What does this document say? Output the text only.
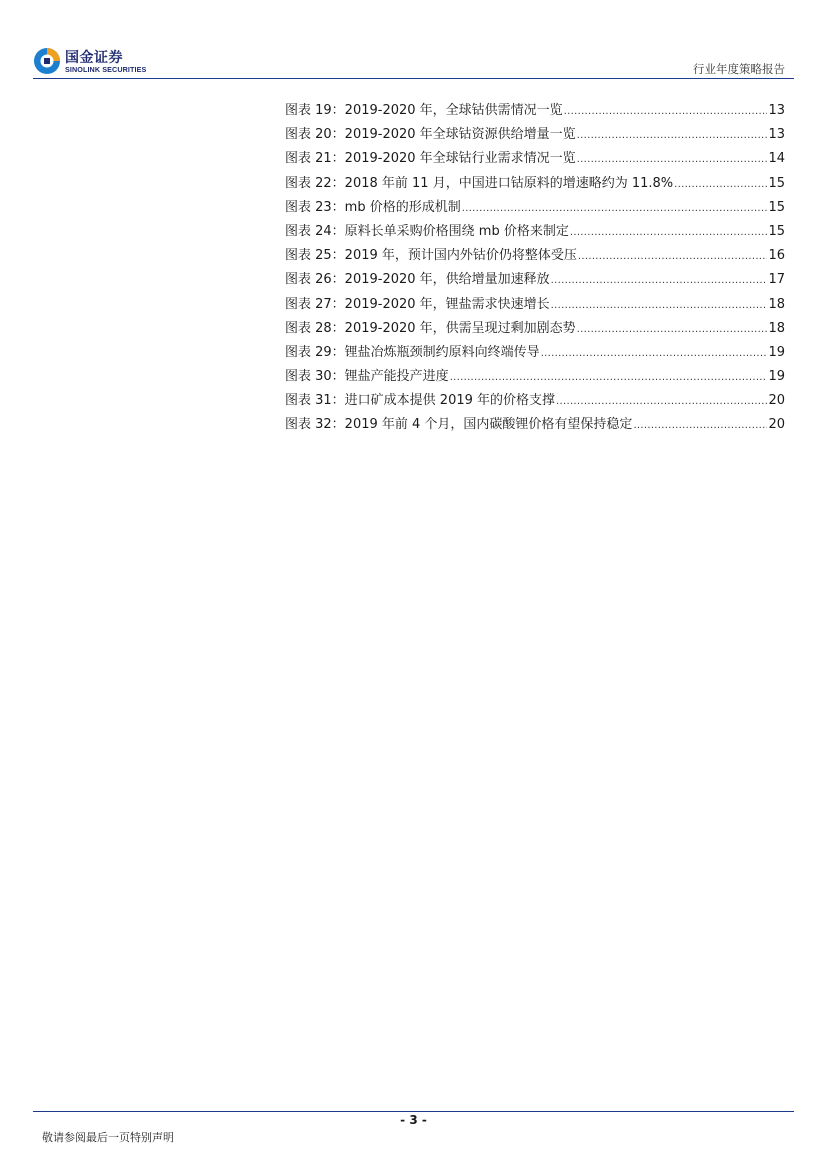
国金证券
SINOLINK SECURITIES	行业年度策略报告
图表 19：2019-2020 年，全球钴供需情况一览 .....	13
图表 20：2019-2020 年全球钴资源供给增量一览 .....	13
图表 21：2019-2020 年全球钴行业需求情况一览 .....	14
图表 22：2018 年前 11 月，中国进口钴原料的增速略约为 11.8% .....	15
图表 23：mb 价格的形成机制 .....	15
图表 24：原料长单采购价格围绕 mb 价格来制定 .....	15
图表 25：2019 年，预计国内外钴价仍将整体受压 .....	16
图表 26：2019-2020 年，供给增量加速释放 .....	17
图表 27：2019-2020 年，锂盐需求快速增长 .....	18
图表 28：2019-2020 年，供需呈现过剩加剧态势 .....	18
图表 29：锂盐冶炼瓶颈制约原料向终端传导 .....	19
图表 30：锂盐产能投产进度 .....	19
图表 31：进口矿成本提供 2019 年的价格支撑 .....	20
图表 32：2019 年前 4 个月，国内碳酸锂价格有望保持稳定 .....	20
- 3 -
敬请参阅最后一页特别声明
